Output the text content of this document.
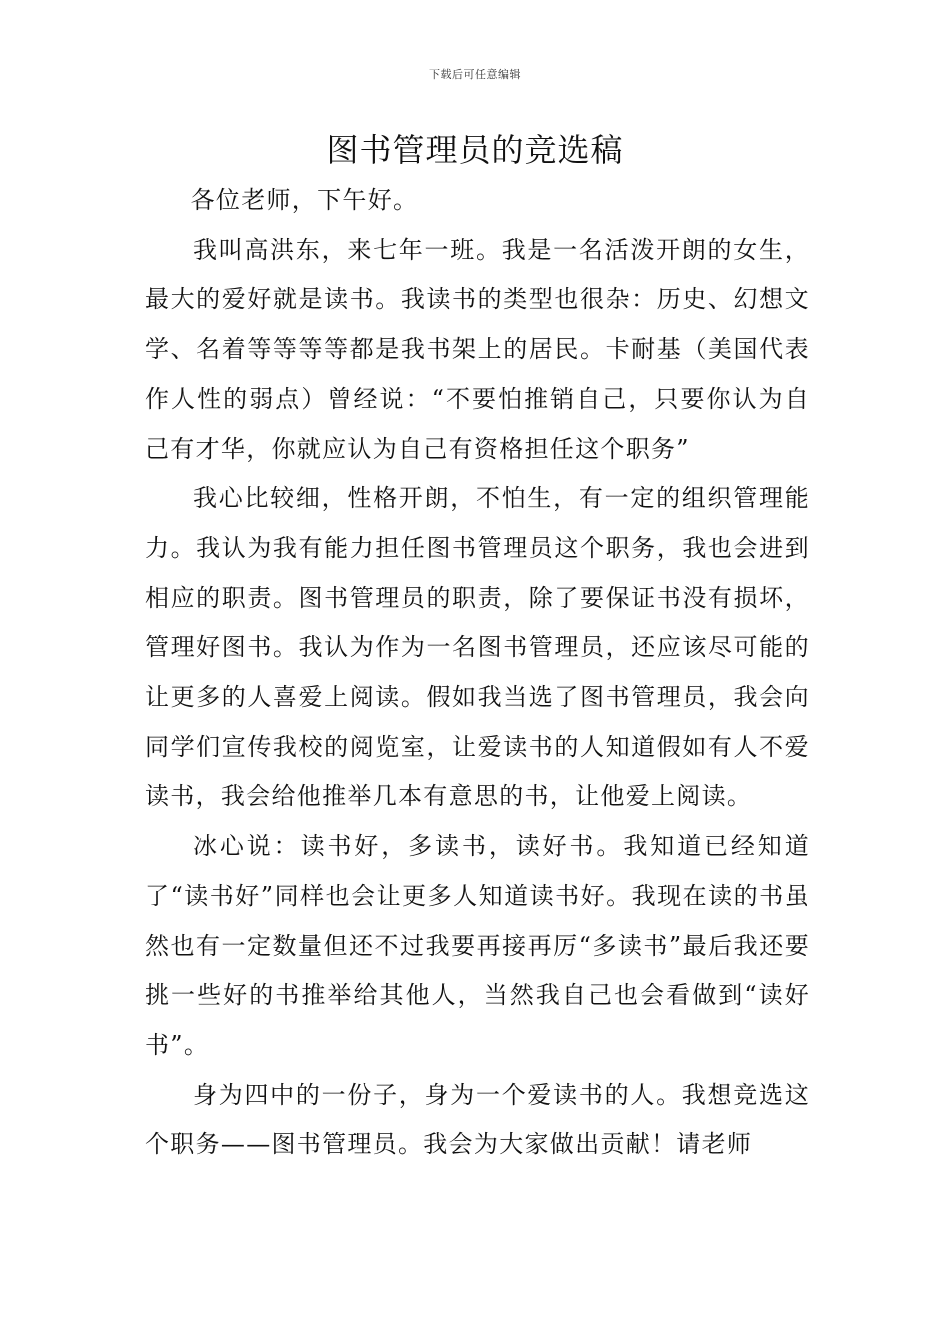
下载后可任意编辑
图书管理员的竞选稿

各位老师，下午好。

我叫高洪东，来七年一班。我是一名活泼开朗的女生，最大的爱好就是读书。我读书的类型也很杂：历史、幻想文学、名着等等等等都是我书架上的居民。卡耐基（美国代表作人性的弱点）曾经说：“不要怕推销自己，只要你认为自己有才华，你就应认为自己有资格担任这个职务”

我心比较细，性格开朗，不怕生，有一定的组织管理能力。我认为我有能力担任图书管理员这个职务，我也会进到相应的职责。图书管理员的职责，除了要保证书没有损坏，管理好图书。我认为作为一名图书管理员，还应该尽可能的让更多的人喜爱上阅读。假如我当选了图书管理员，我会向同学们宣传我校的阅览室，让爱读书的人知道假如有人不爱读书，我会给他推举几本有意思的书，让他爱上阅读。

冰心说：读书好，多读书，读好书。我知道已经知道了“读书好”同样也会让更多人知道读书好。我现在读的书虽然也有一定数量但还不过我要再接再厉“多读书”最后我还要挑一些好的书推举给其他人，当然我自己也会看做到“读好书”。

身为四中的一份子，身为一个爱读书的人。我想竞选这个职务——图书管理员。我会为大家做出贡献！请老师
